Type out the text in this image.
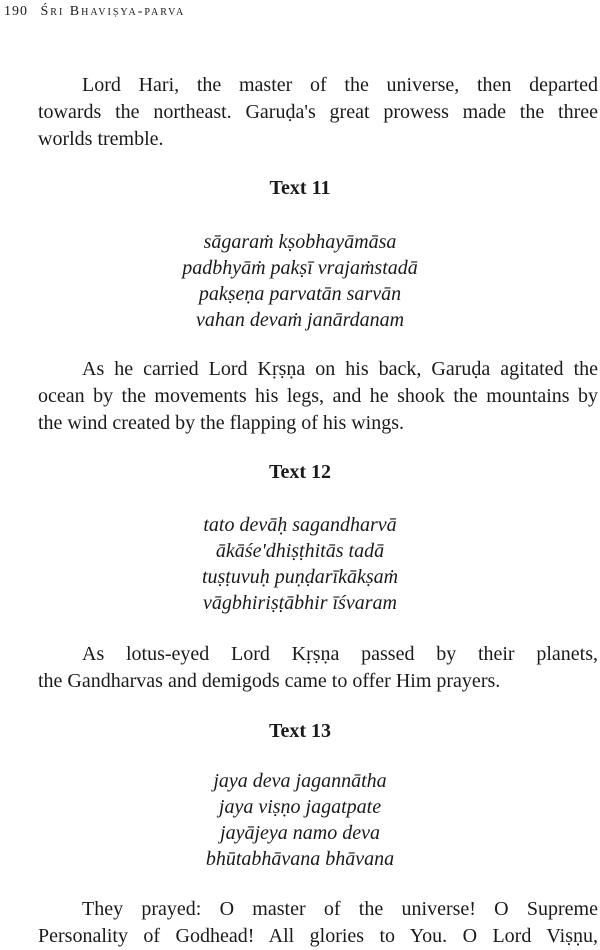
190 Śri Bhaviṣya-parva

Lord Hari, the master of the universe, then departed
towards the northeast. Garuḍa's great prowess made the three
worlds tremble.

Text 11
sāgaraṁ kṣobhayāmāsa
padbhyāṁ pakṣī vrajaṁstadā
pakṣeṇa parvatān sarvān
vahan devaṁ janārdanam

As he carried Lord Kṛṣṇa on his back, Garuḍa agitated the
ocean by the movements his legs, and he shook the mountains by
the wind created by the flapping of his wings.

Text 12
tato devāḥ sagandharvā
ākāśe'dhiṣṭhitās tadā
tuṣṭuvuḥ puṇḍarīkākṣaṁ
vāgbhiriṣṭābhir īśvaram

As lotus-eyed Lord Kṛṣṇa passed by their planets,
the Gandharvas and demigods came to offer Him prayers.

Text 13
jaya deva jagannātha
jaya viṣṇo jagatpate
jayājeya namo deva
bhūtabhāvana bhāvana

They prayed: O master of the universe! O Supreme
Personality of Godhead! All glories to You. O Lord Viṣṇu,
